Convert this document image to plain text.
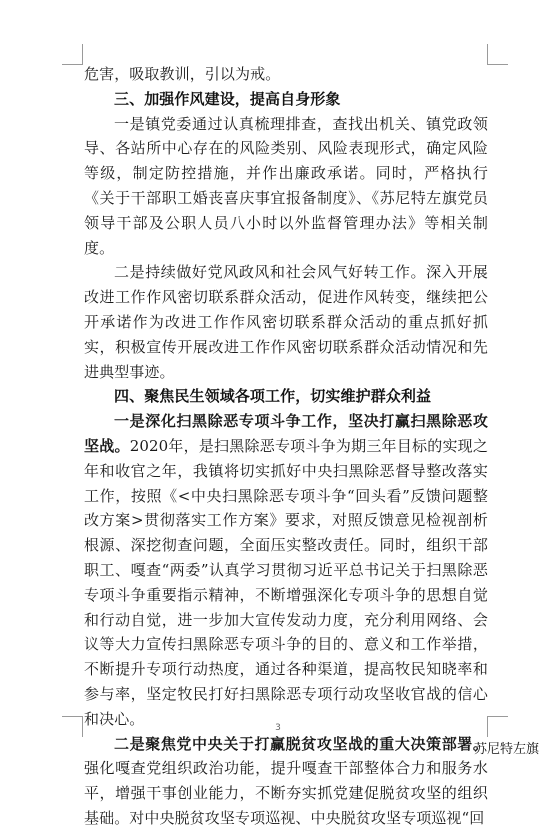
危害，吸取教训，引以为戒。

三、加强作风建设，提高自身形象

一是镇党委通过认真梳理排查，查找出机关、镇党政领导、各站所中心存在的风险类别、风险表现形式，确定风险等级，制定防控措施，并作出廉政承诺。同时，严格执行《关于干部职工婚丧喜庆事宜报备制度》、《苏尼特左旗党员领导干部及公职人员八小时以外监督管理办法》等相关制度。

二是持续做好党风政风和社会风气好转工作。深入开展改进工作作风密切联系群众活动，促进作风转变，继续把公开承诺作为改进工作作风密切联系群众活动的重点抓好抓实，积极宣传开展改进工作作风密切联系群众活动情况和先进典型事迹。

四、聚焦民生领域各项工作，切实维护群众利益

一是深化扫黑除恶专项斗争工作，坚决打赢扫黑除恶攻坚战。2020年，是扫黑除恶专项斗争为期三年目标的实现之年和收官之年，我镇将切实抓好中央扫黑除恶督导整改落实工作，按照《<中央扫黑除恶专项斗争“回头看”反馈问题整改方案>贯彻落实工作方案》要求，对照反馈意见检视剖析根源、深挖彻查问题，全面压实整改责任。同时，组织干部职工、嘎查“两委”认真学习贯彻习近平总书记关于扫黑除恶专项斗争重要指示精神，不断增强深化专项斗争的思想自觉和行动自觉，进一步加大宣传发动力度，充分利用网络、会议等大力宣传扫黑除恶专项斗争的目的、意义和工作举措，不断提升专项行动热度，通过各种渠道，提高牧民知晓率和参与率，坚定牧民打好扫黑除恶专项行动攻坚收官战的信心和决心。

二是聚焦党中央关于打赢脱贫攻坚战的重大决策部署。强化嘎查党组织政治功能，提升嘎查干部整体合力和服务水平，增强干事创业能力，不断夯实抓党建促脱贫攻坚的组织基础。对中央脱贫攻坚专项巡视、中央脱贫攻坚专项巡视“回

3
苏尼特左旗
